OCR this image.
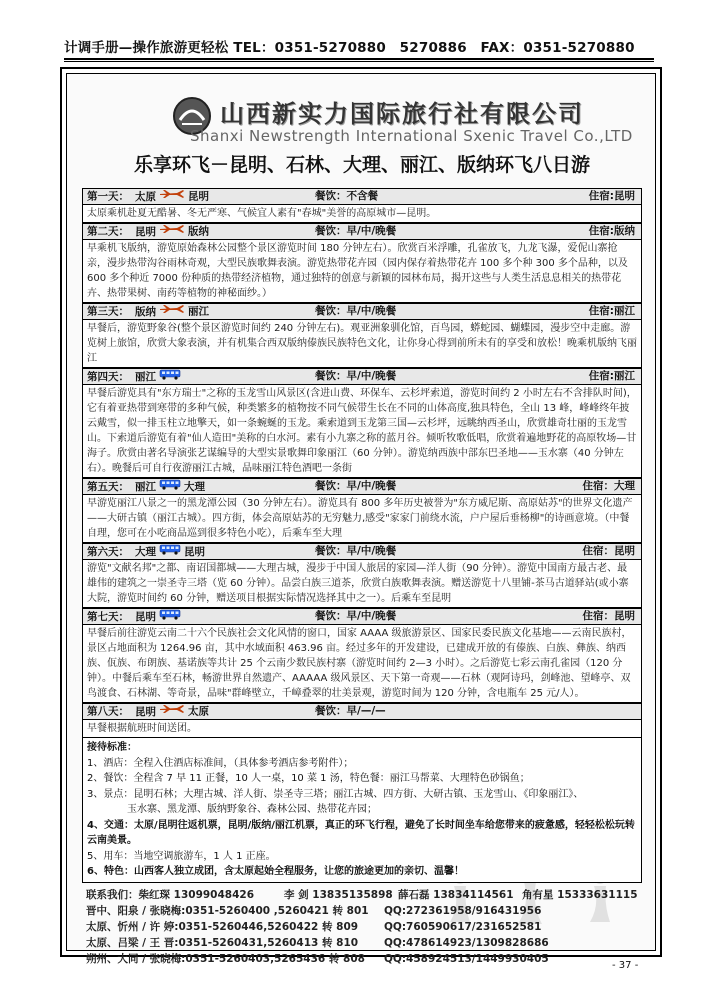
计调手册—操作旅游更轻松 TEL：0351-5270880　5270886　FAX：0351-5270880
山西新实力国际旅行社有限公司
Shanxi Newstrength International Sxenic Travel Co.,LTD
乐享环飞－昆明、石林、大理、丽江、版纳环飞八日游
第一天： 太原	昆明	餐饮：不含餐	住宿:昆明
太原乘机赴夏无酷暑、冬无严寒、气候宜人素有"春城"美誉的高原城市—昆明。
第二天： 昆明	版纳	餐饮：早/中/晚餐	住宿:版纳
早乘机飞版纳，游览原始森林公园整个景区游览时间 180 分钟左右）。欣赏百米浮雕，孔雀放飞，九龙飞瀑，爱伲山寨抢亲，漫步热带沟谷雨林奇观，大型民族歌舞表演。游览热带花卉园（园内保存着热带花卉 100 多个种 300 多个品种，以及 600 多个种近 7000 份种质的热带经济植物，通过独特的创意与新颖的园林布局，揭开这些与人类生活息息相关的热带花卉、热带果树、南药等植物的神秘面纱。）
第三天： 版纳	丽江	餐饮：早/中/晚餐	住宿:丽江
早餐后，游览野象谷(整个景区游览时间约 240 分钟左右)。观亚洲象驯化馆，百鸟园，蟒蛇园、蝴蝶园，漫步空中走廊。游览树上旅馆，欣赏大象表演，并有机集合西双版纳傣族民族特色文化，让你身心得到前所未有的享受和放松！晚乘机版纳飞丽江
第四天： 丽江	餐饮：早/中/晚餐	住宿:丽江
早餐后游览具有"东方瑞士"之称的玉龙雪山风景区(含进山费、环保车、云杉坪索道，游览时间约 2 小时左右不含排队时间)，它有着亚热带到寒带的多种气候，种类繁多的植物按不同气候带生长在不同的山体高度,独具特色，全山 13 峰，峰峰终年披云戴雪，似一排玉柱立地擎天，如一条蜿蜒的玉龙。乘索道到玉龙第三国—云杉坪，远眺纳西圣山，欣赏雄奇壮丽的玉龙雪山。下索道后游览有着"仙人造田"美称的白水河。素有小九寨之称的蓝月谷。倾听牧歌低唱，欣赏着遍地野花的高原牧场—甘海子。欣赏由著名导演张艺谋编导的大型实景歌舞印象丽江（60 分钟）。游览纳西族中部东巴圣地——玉水寨（40 分钟左右）。晚餐后可自行夜游丽江古城，品味丽江特色酒吧一条街
第五天： 丽江	大理	餐饮：早/中/晚餐	住宿：大理
早游览丽江八景之一的黑龙潭公园（30 分钟左右）。游览具有 800 多年历史被誉为"东方威尼斯、高原姑苏"的世界文化遗产——大研古镇（丽江古城）。四方街，体会高原姑苏的无穷魅力,感受"家家门前绕水流，户户屋后垂杨柳"的诗画意境。（中餐自理，您可在小吃商品巡到很多特色小吃），后乘车至大理
第六天： 大理	昆明	餐饮：早/中/晚餐	住宿：昆明
游览"文献名邦"之都、南诏国都城——大理古城，漫步于中国人旅居的家园—洋人街（90 分钟）。游览中国南方最古老、最雄伟的建筑之一崇圣寺三塔（览 60 分钟）。品尝白族三道茶，欣赏白族歌舞表演。赠送游览十八里铺-茶马古道驿站(或小寨大院，游览时间约 60 分钟，赠送项目根据实际情况选择其中之一）。后乘车至昆明
第七天： 昆明	餐饮：早/中/晚餐	住宿：昆明
早餐后前往游览云南二十六个民族社会文化风情的窗口，国家 AAAA 级旅游景区、国家民委民族文化基地——云南民族村，景区占地面积为 1264.96 亩，其中水域面积 463.96 亩。经过多年的开发建设，已建成开放的有傣族、白族、彝族、纳西族、佤族、布朗族、基诺族等共计 25 个云南少数民族村寨（游览时间约 2—3 小时）。之后游览七彩云南孔雀园（120 分钟）。中餐后乘车至石林，畅游世界自然遗产、AAAAA 级风景区、天下第一奇观——石林（观阿诗玛，剑峰池、望峰亭、双鸟渡食、石林湖、等奇景，品味"群峰壁立，千嶂叠翠的壮美景观，游览时间为 120 分钟，含电瓶车 25 元/人）。
第八天： 昆明	太原	餐饮：早/—/—
早餐根据航班时间送团。
接待标准：
1、酒店：全程入住酒店标准间，（具体参考酒店参考附件）；
2、餐饮：全程含 7 早 11 正餐，10 人一桌，10 菜 1 汤，特色餐：丽江马帮菜、大理特色砂锅鱼；
3、景点：昆明石林；大理古城、洋人街、崇圣寺三塔；丽江古城、四方街、大研古镇、玉龙雪山、《印象丽江》、
　　　　玉水寨、黑龙潭、版纳野象谷、森林公园、热带花卉园；
4、交通：太原/昆明往返机票，昆明/版纳/丽江机票，真正的环飞行程，避免了长时间坐车给您带来的疲惫感，轻轻松松玩转云南美景。
5、用车：当地空调旅游车，1 人 1 正座。
6、特色：山西客人独立成团，含太原起始全程服务，让您的旅途更加的亲切、温馨！
联系我们：柴红琛 13099048426	李 剑 13835135898 薛石磊 13834114561 角有星 15333631115
晋中、阳泉 / 张晓梅:0351-5260400 ,5260421 转 801 QQ:272361958/916431956
太原、忻州 / 许 婷:0351-5260446,5260422 转 809 QQ:760590617/231652581
太原、吕梁 / 王 晋:0351-5260431,5260413 转 810 QQ:478614923/1309828686
朔州、大同 / 张晓梅:0351-5260403,5265436 转 808 QQ:458924513/1449930405
- 37 -
